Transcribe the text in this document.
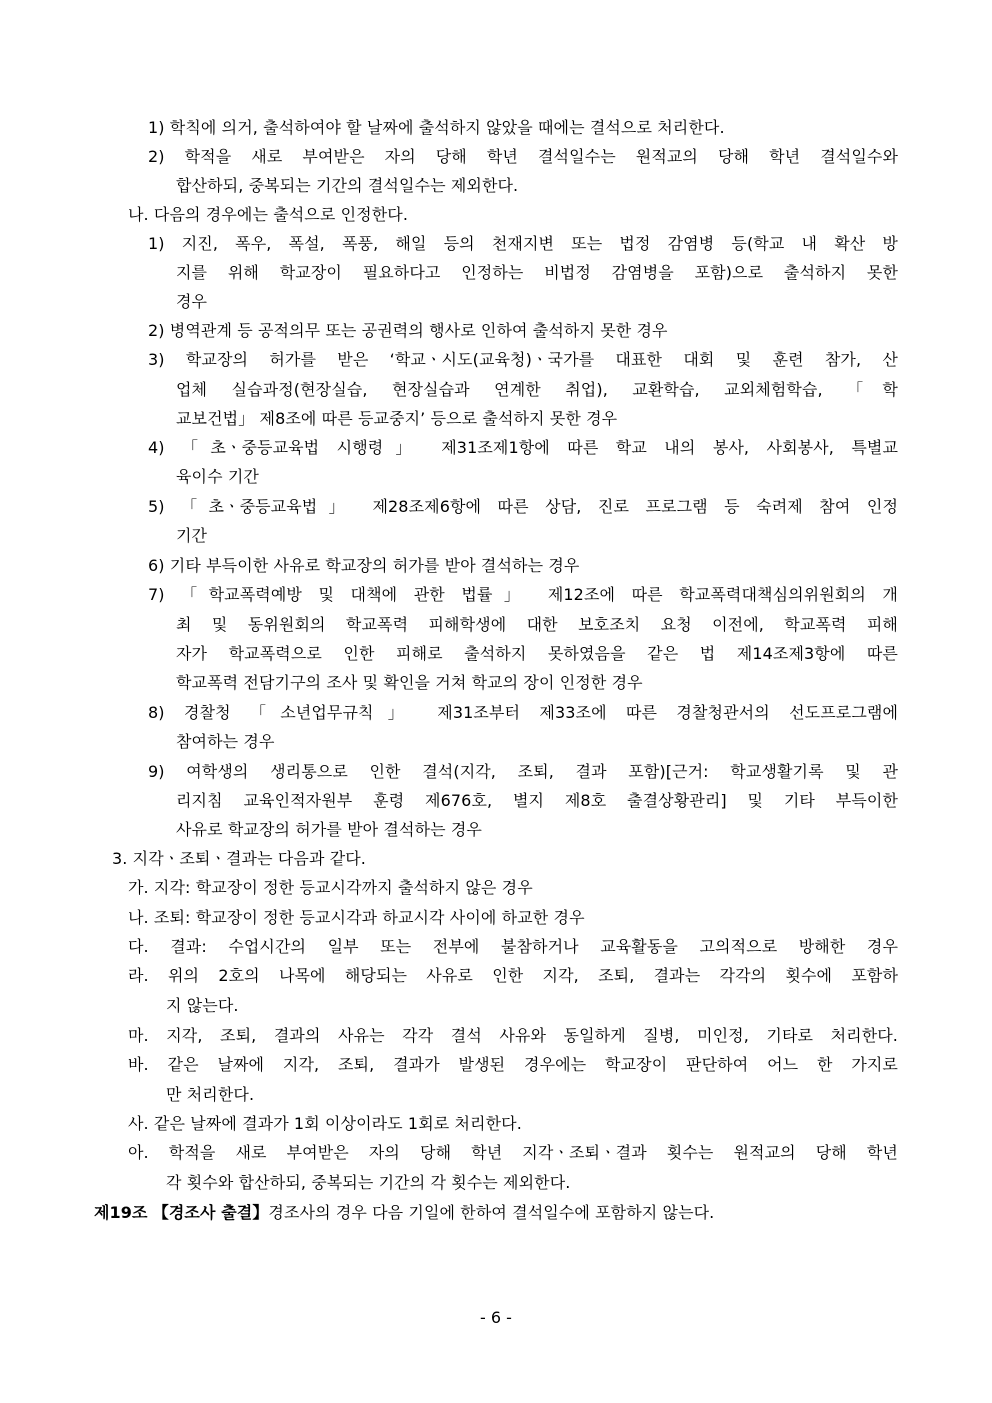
1) 학칙에 의거, 출석하여야 할 날짜에 출석하지 않았을 때에는 결석으로 처리한다.
2) 학적을 새로 부여받은 자의 당해 학년 결석일수는 원적교의 당해 학년 결석일수와
합산하되, 중복되는 기간의 결석일수는 제외한다.
나. 다음의 경우에는 출석으로 인정한다.
1) 지진, 폭우, 폭설, 폭풍, 해일 등의 천재지변 또는 법정 감염병 등(학교 내 확산 방
지를 위해 학교장이 필요하다고 인정하는 비법정 감염병을 포함)으로 출석하지 못한
경우
2) 병역관계 등 공적의무 또는 공권력의 행사로 인하여 출석하지 못한 경우
3) 학교장의 허가를 받은 ‘학교ㆍ시도(교육청)ㆍ국가를 대표한 대회 및 훈련 참가, 산
업체 실습과정(현장실습, 현장실습과 연계한 취업), 교환학습, 교외체험학습, 「학
교보건법」 제8조에 따른 등교중지’ 등으로 출석하지 못한 경우
4) 「초ㆍ중등교육법 시행령」 제31조제1항에 따른 학교 내의 봉사, 사회봉사, 특별교
육이수 기간
5) 「초ㆍ중등교육법」 제28조제6항에 따른 상담, 진로 프로그램 등 숙려제 참여 인정
기간
6) 기타 부득이한 사유로 학교장의 허가를 받아 결석하는 경우
7) 「학교폭력예방 및 대책에 관한 법률」 제12조에 따른 학교폭력대책심의위원회의 개
최 및 동위원회의 학교폭력 피해학생에 대한 보호조치 요청 이전에, 학교폭력 피해
자가 학교폭력으로 인한 피해로 출석하지 못하였음을 같은 법 제14조제3항에 따른
학교폭력 전담기구의 조사 및 확인을 거쳐 학교의 장이 인정한 경우
8) 경찰청 「소년업무규칙」 제31조부터 제33조에 따른 경찰청관서의 선도프로그램에
참여하는 경우
9) 여학생의 생리통으로 인한 결석(지각, 조퇴, 결과 포함)[근거: 학교생활기록 및 관
리지침 교육인적자원부 훈령 제676호, 별지 제8호 출결상황관리] 및 기타 부득이한
사유로 학교장의 허가를 받아 결석하는 경우
3. 지각ㆍ조퇴ㆍ결과는 다음과 같다.
가. 지각: 학교장이 정한 등교시각까지 출석하지 않은 경우
나. 조퇴: 학교장이 정한 등교시각과 하교시각 사이에 하교한 경우
다. 결과: 수업시간의 일부 또는 전부에 불참하거나 교육활동을 고의적으로 방해한 경우
라. 위의 2호의 나목에 해당되는 사유로 인한 지각, 조퇴, 결과는 각각의 횟수에 포함하
지 않는다.
마. 지각, 조퇴, 결과의 사유는 각각 결석 사유와 동일하게 질병, 미인정, 기타로 처리한다.
바. 같은 날짜에 지각, 조퇴, 결과가 발생된 경우에는 학교장이 판단하여 어느 한 가지로
만 처리한다.
사. 같은 날짜에 결과가 1회 이상이라도 1회로 처리한다.
아. 학적을 새로 부여받은 자의 당해 학년 지각ㆍ조퇴ㆍ결과 횟수는 원적교의 당해 학년
각 횟수와 합산하되, 중복되는 기간의 각 횟수는 제외한다.
제19조 【경조사 출결】경조사의 경우 다음 기일에 한하여 결석일수에 포함하지 않는다.
- 6 -
